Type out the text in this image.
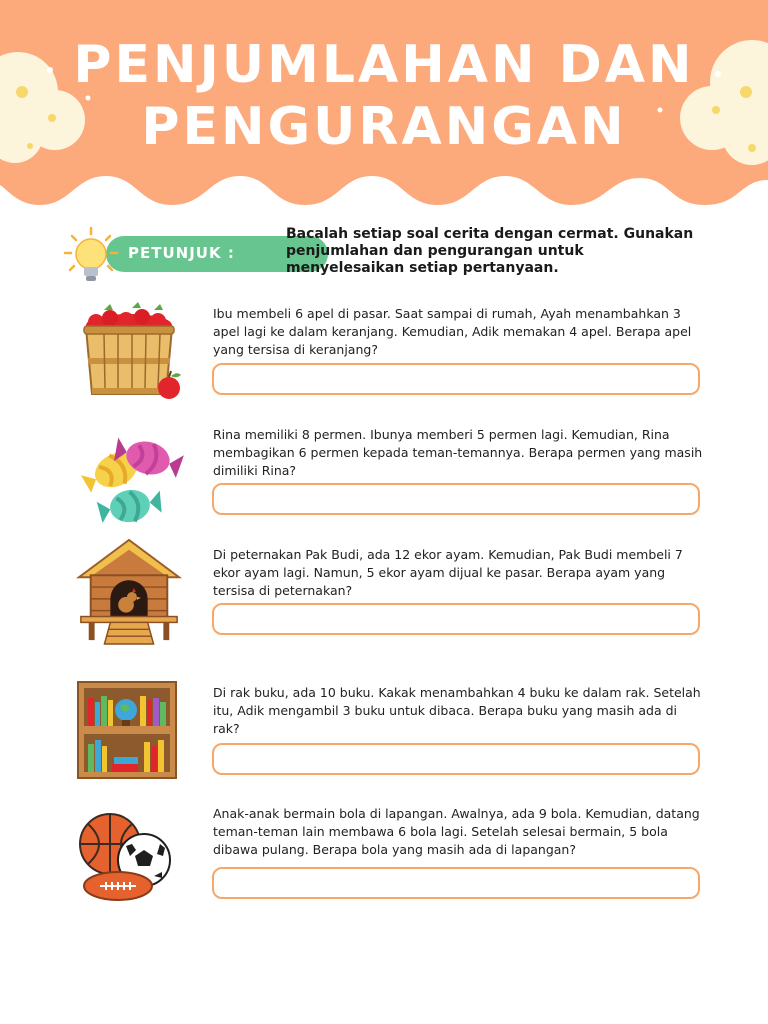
PENJUMLAHAN DAN
PENGURANGAN
PETUNJUK :
Bacalah setiap soal cerita dengan cermat. Gunakan penjumlahan dan pengurangan untuk menyelesaikan setiap pertanyaan.
Ibu membeli 6 apel di pasar. Saat sampai di rumah, Ayah menambahkan 3 apel lagi ke dalam keranjang. Kemudian, Adik memakan 4 apel. Berapa apel yang tersisa di keranjang?
Rina memiliki 8 permen. Ibunya memberi 5 permen lagi. Kemudian, Rina membagikan 6 permen kepada teman-temannya. Berapa permen yang masih dimiliki Rina?
Di peternakan Pak Budi, ada 12 ekor ayam. Kemudian, Pak Budi membeli 7 ekor ayam lagi. Namun, 5 ekor ayam dijual ke pasar. Berapa ayam yang tersisa di peternakan?
Di rak buku, ada 10 buku. Kakak menambahkan 4 buku ke dalam rak. Setelah itu, Adik mengambil 3 buku untuk dibaca. Berapa buku yang masih ada di rak?
Anak-anak bermain bola di lapangan. Awalnya, ada 9 bola. Kemudian, datang teman-teman lain membawa 6 bola lagi. Setelah selesai bermain, 5 bola dibawa pulang. Berapa bola yang masih ada di lapangan?
